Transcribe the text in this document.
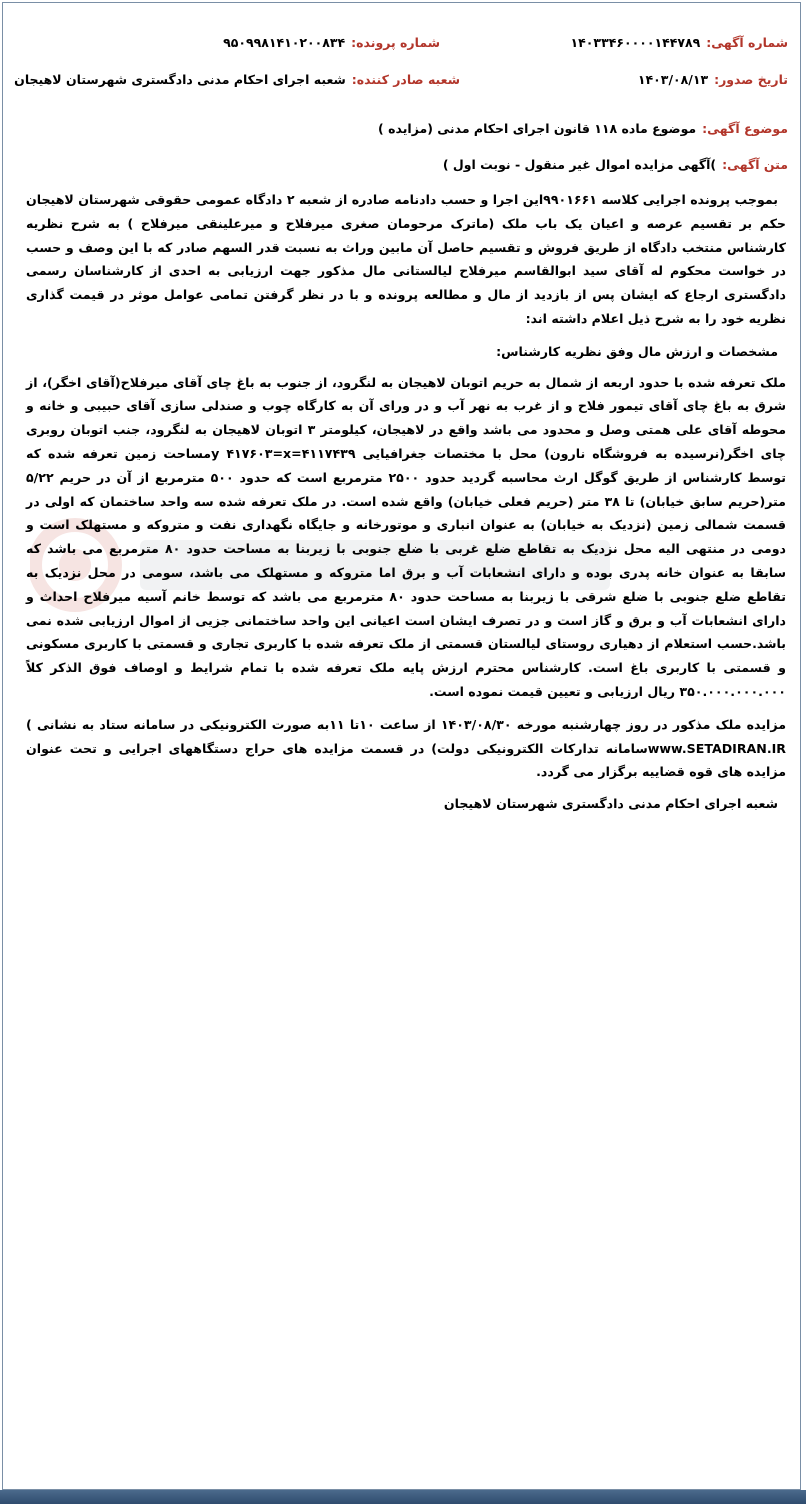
شماره آگهی:۱۴۰۳۳۴۶۰۰۰۰۱۴۴۷۸۹
شماره پرونده:۹۵۰۹۹۸۱۴۱۰۲۰۰۸۳۴
تاریخ صدور:۱۴۰۳/۰۸/۱۳
شعبه صادر کننده:شعبه اجرای احکام مدنی دادگستری شهرستان لاهیجان
موضوع آگهی:موضوع ماده ۱۱۸ قانون اجرای احکام مدنی (مزایده )
متن آگهی:)آگهی مزایده اموال غیر منقول - نوبت اول )

بموجب پرونده اجرایی کلاسه ۹۹۰۱۶۶۱این اجرا و حسب دادنامه صادره از شعبه ۲ دادگاه عمومی حقوقی شهرستان لاهیجان حکم بر تقسیم عرصه و اعیان یک باب ملک (ماترک مرحومان صغری میرفلاح و میرعلینقی میرفلاح ) به شرح نظریه کارشناس منتخب دادگاه از طریق فروش و تقسیم حاصل آن مابین وراث به نسبت قدر السهم صادر که با این وصف و حسب در خواست محکوم له آقای سید ابوالقاسم میرفلاح لیالستانی مال مذکور جهت ارزیابی به احدی از کارشناسان رسمی دادگستری ارجاع که ایشان پس از بازدید از مال و مطالعه پرونده و با در نظر گرفتن تمامی عوامل موثر در قیمت گذاری نظریه خود را به شرح ذیل اعلام داشته اند:

مشخصات و ارزش مال وفق نظریه کارشناس:

ملک تعرفه شده با حدود اربعه از شمال به حریم اتوبان لاهیجان به لنگرود، از جنوب به باغ چای آقای میرفلاح(آقای اخگر)، از شرق به باغ چای آقای تیمور فلاح و از غرب به نهر آب و در ورای آن به کارگاه چوب و صندلی سازی آقای حبیبی و خانه و محوطه آقای علی همتی وصل و محدود می باشد واقع در لاهیجان، کیلومتر ۳ اتوبان لاهیجان به لنگرود، جنب اتوبان روبری چای اخگر(نرسیده به فروشگاه نارون) محل با مختصات جغرافیایی ۴۱۱۷۴۳۹=y ۴۱۷۶۰۳=xمساحت زمین تعرفه شده که توسط کارشناس از طریق گوگل ارث محاسبه گردید حدود ۲۵۰۰ مترمربع است که حدود ۵۰۰ مترمربع از آن در حریم ۵/۲۲ متر(حریم سابق خیابان) تا ۳۸ متر (حریم فعلی خیابان) واقع شده است. در ملک تعرفه شده سه واحد ساختمان که اولی در قسمت شمالی زمین (نزدیک به خیابان) به عنوان انباری و موتورخانه و جایگاه نگهداری نفت و متروکه و مستهلک است و دومی در منتهی الیه محل نزدیک به تقاطع ضلع غربی با ضلع جنوبی با زیربنا به مساحت حدود ۸۰ مترمربع می باشد که سابقا به عنوان خانه پدری بوده و دارای انشعابات آب و برق اما متروکه و مستهلک می باشد، سومی در محل نزدیک به تقاطع ضلع جنوبی با ضلع شرقی با زیربنا به مساحت حدود ۸۰ مترمربع می باشد که توسط خانم آسیه میرفلاح احداث و دارای انشعابات آب و برق و گاز است و در تصرف ایشان است اعیانی این واحد ساختمانی جزیی از اموال ارزیابی شده نمی باشد.حسب استعلام از دهیاری روستای لیالستان قسمتی از ملک تعرفه شده با کاربری تجاری و قسمتی با کاربری مسکونی و قسمتی با کاربری باغ است. کارشناس محترم ارزش پایه ملک تعرفه شده با تمام شرایط و اوصاف فوق الذکر کلاً ۳۵۰.۰۰۰.۰۰۰.۰۰۰ ریال ارزیابی و تعیین قیمت نموده است.

مزایده ملک مذکور در روز چهارشنبه مورخه ۱۴۰۳/۰۸/۳۰ از ساعت ۱۰تا ۱۱به صورت الکترونیکی در سامانه ستاد به نشانی ) www.SETADIRAN.IRسامانه تدارکات الکترونیکی دولت) در قسمت مزایده های حراج دستگاههای اجرایی و تحت عنوان مزایده های قوه قضاییه برگزار می گردد.

شعبه اجرای احکام مدنی دادگستری شهرستان لاهیجان
